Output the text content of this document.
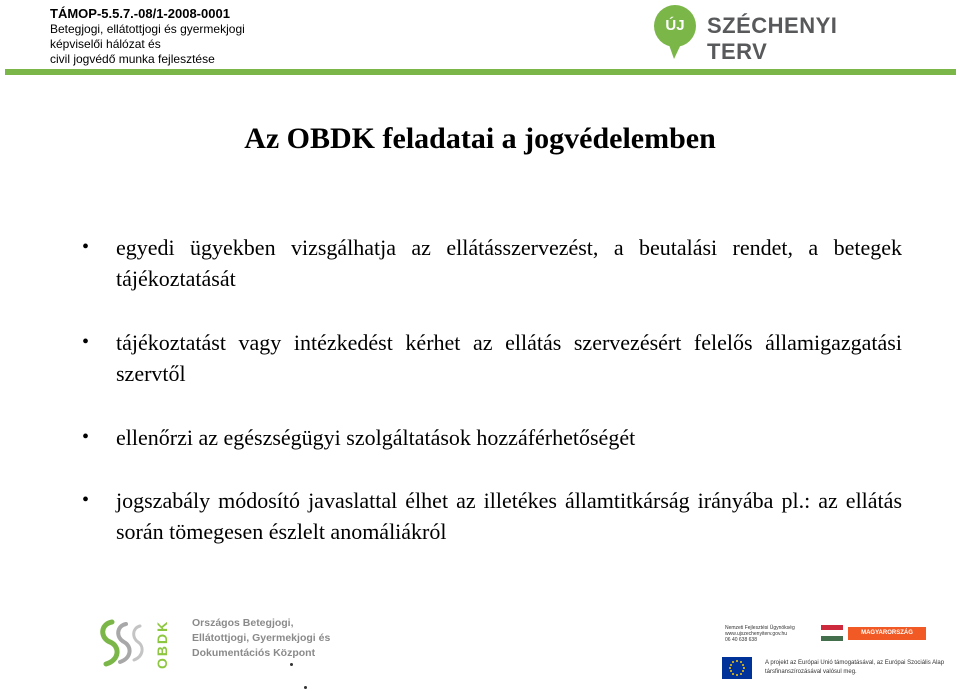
TÁMOP-5.5.7.-08/1-2008-0001
Betegjogi, ellátottjogi és gyermekjogi
képviselői hálózat és
civil jogvédő munka fejlesztése
ÚJ	SZÉCHENYI TERV
Az OBDK feladatai a jogvédelemben
• egyedi ügyekben vizsgálhatja az ellátásszervezést, a beutalási rendet, a betegek tájékoztatását
• tájékoztatást vagy intézkedést kérhet az ellátás szervezésért felelős államigazgatási szervtől
• ellenőrzi az egészségügyi szolgáltatások hozzáférhetőségét
• jogszabály módosító javaslattal élhet az illetékes államtitkárság irányába pl.: az ellátás során tömegesen észlelt anomáliákról
OBDK Országos Betegjogi,
Ellátottjogi, Gyermekjogi és
Dokumentációs Központ
Nemzeti Fejlesztési Ügynökség
www.ujszechenyiterv.gov.hu
06 40 638 638
MAGYARORSZÁG MEGÚJUL
A projekt az Európai Unió támogatásával, az Európai Szociális Alap társfinanszírozásával valósul meg.
